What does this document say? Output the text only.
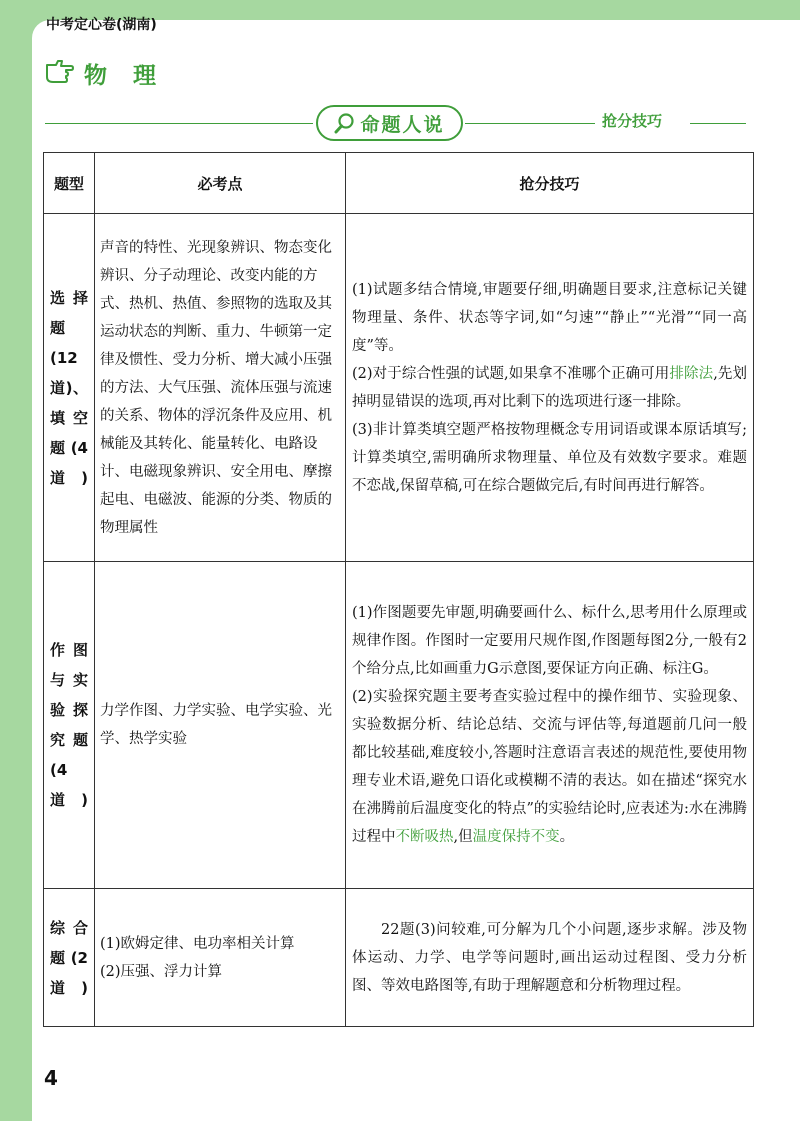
中考定心卷(湖南)
物 理
命题人说	抢分技巧
题型	必考点	抢分技巧

选择题(12道)、填空题(4道)	声音的特性、光现象辨识、物态变化辨识、分子动理论、改变内能的方式、热机、热值、参照物的选取及其运动状态的判断、重力、牛顿第一定律及惯性、受力分析、增大减小压强的方法、大气压强、流体压强与流速的关系、物体的浮沉条件及应用、机械能及其转化、能量转化、电路设计、电磁现象辨识、安全用电、摩擦起电、电磁波、能源的分类、物质的物理属性	(1)试题多结合情境,审题要仔细,明确题目要求,注意标记关键物理量、条件、状态等字词,如“匀速”“静止”“光滑”“同一高度”等。

(2)对于综合性强的试题,如果拿不准哪个正确可用排除法,先划掉明显错误的选项,再对比剩下的选项进行逐一排除。

(3)非计算类填空题严格按物理概念专用词语或课本原话填写;计算类填空,需明确所求物理量、单位及有效数字要求。难题不恋战,保留草稿,可在综合题做完后,有时间再进行解答。

作图与实验探究题(4道)	力学作图、力学实验、电学实验、光学、热学实验	(1)作图题要先审题,明确要画什么、标什么,思考用什么原理或规律作图。作图时一定要用尺规作图,作图题每图2分,一般有2个给分点,比如画重力G示意图,要保证方向正确、标注G。

(2)实验探究题主要考查实验过程中的操作细节、实验现象、实验数据分析、结论总结、交流与评估等,每道题前几问一般都比较基础,难度较小,答题时注意语言表述的规范性,要使用物理专业术语,避免口语化或模糊不清的表达。如在描述“探究水在沸腾前后温度变化的特点”的实验结论时,应表述为:水在沸腾过程中不断吸热,但温度保持不变。

综合题(2道)	(1)欧姆定律、电功率相关计算
(2)压强、浮力计算	22题(3)问较难,可分解为几个小问题,逐步求解。涉及物体运动、力学、电学等问题时,画出运动过程图、受力分析图、等效电路图等,有助于理解题意和分析物理过程。

4
